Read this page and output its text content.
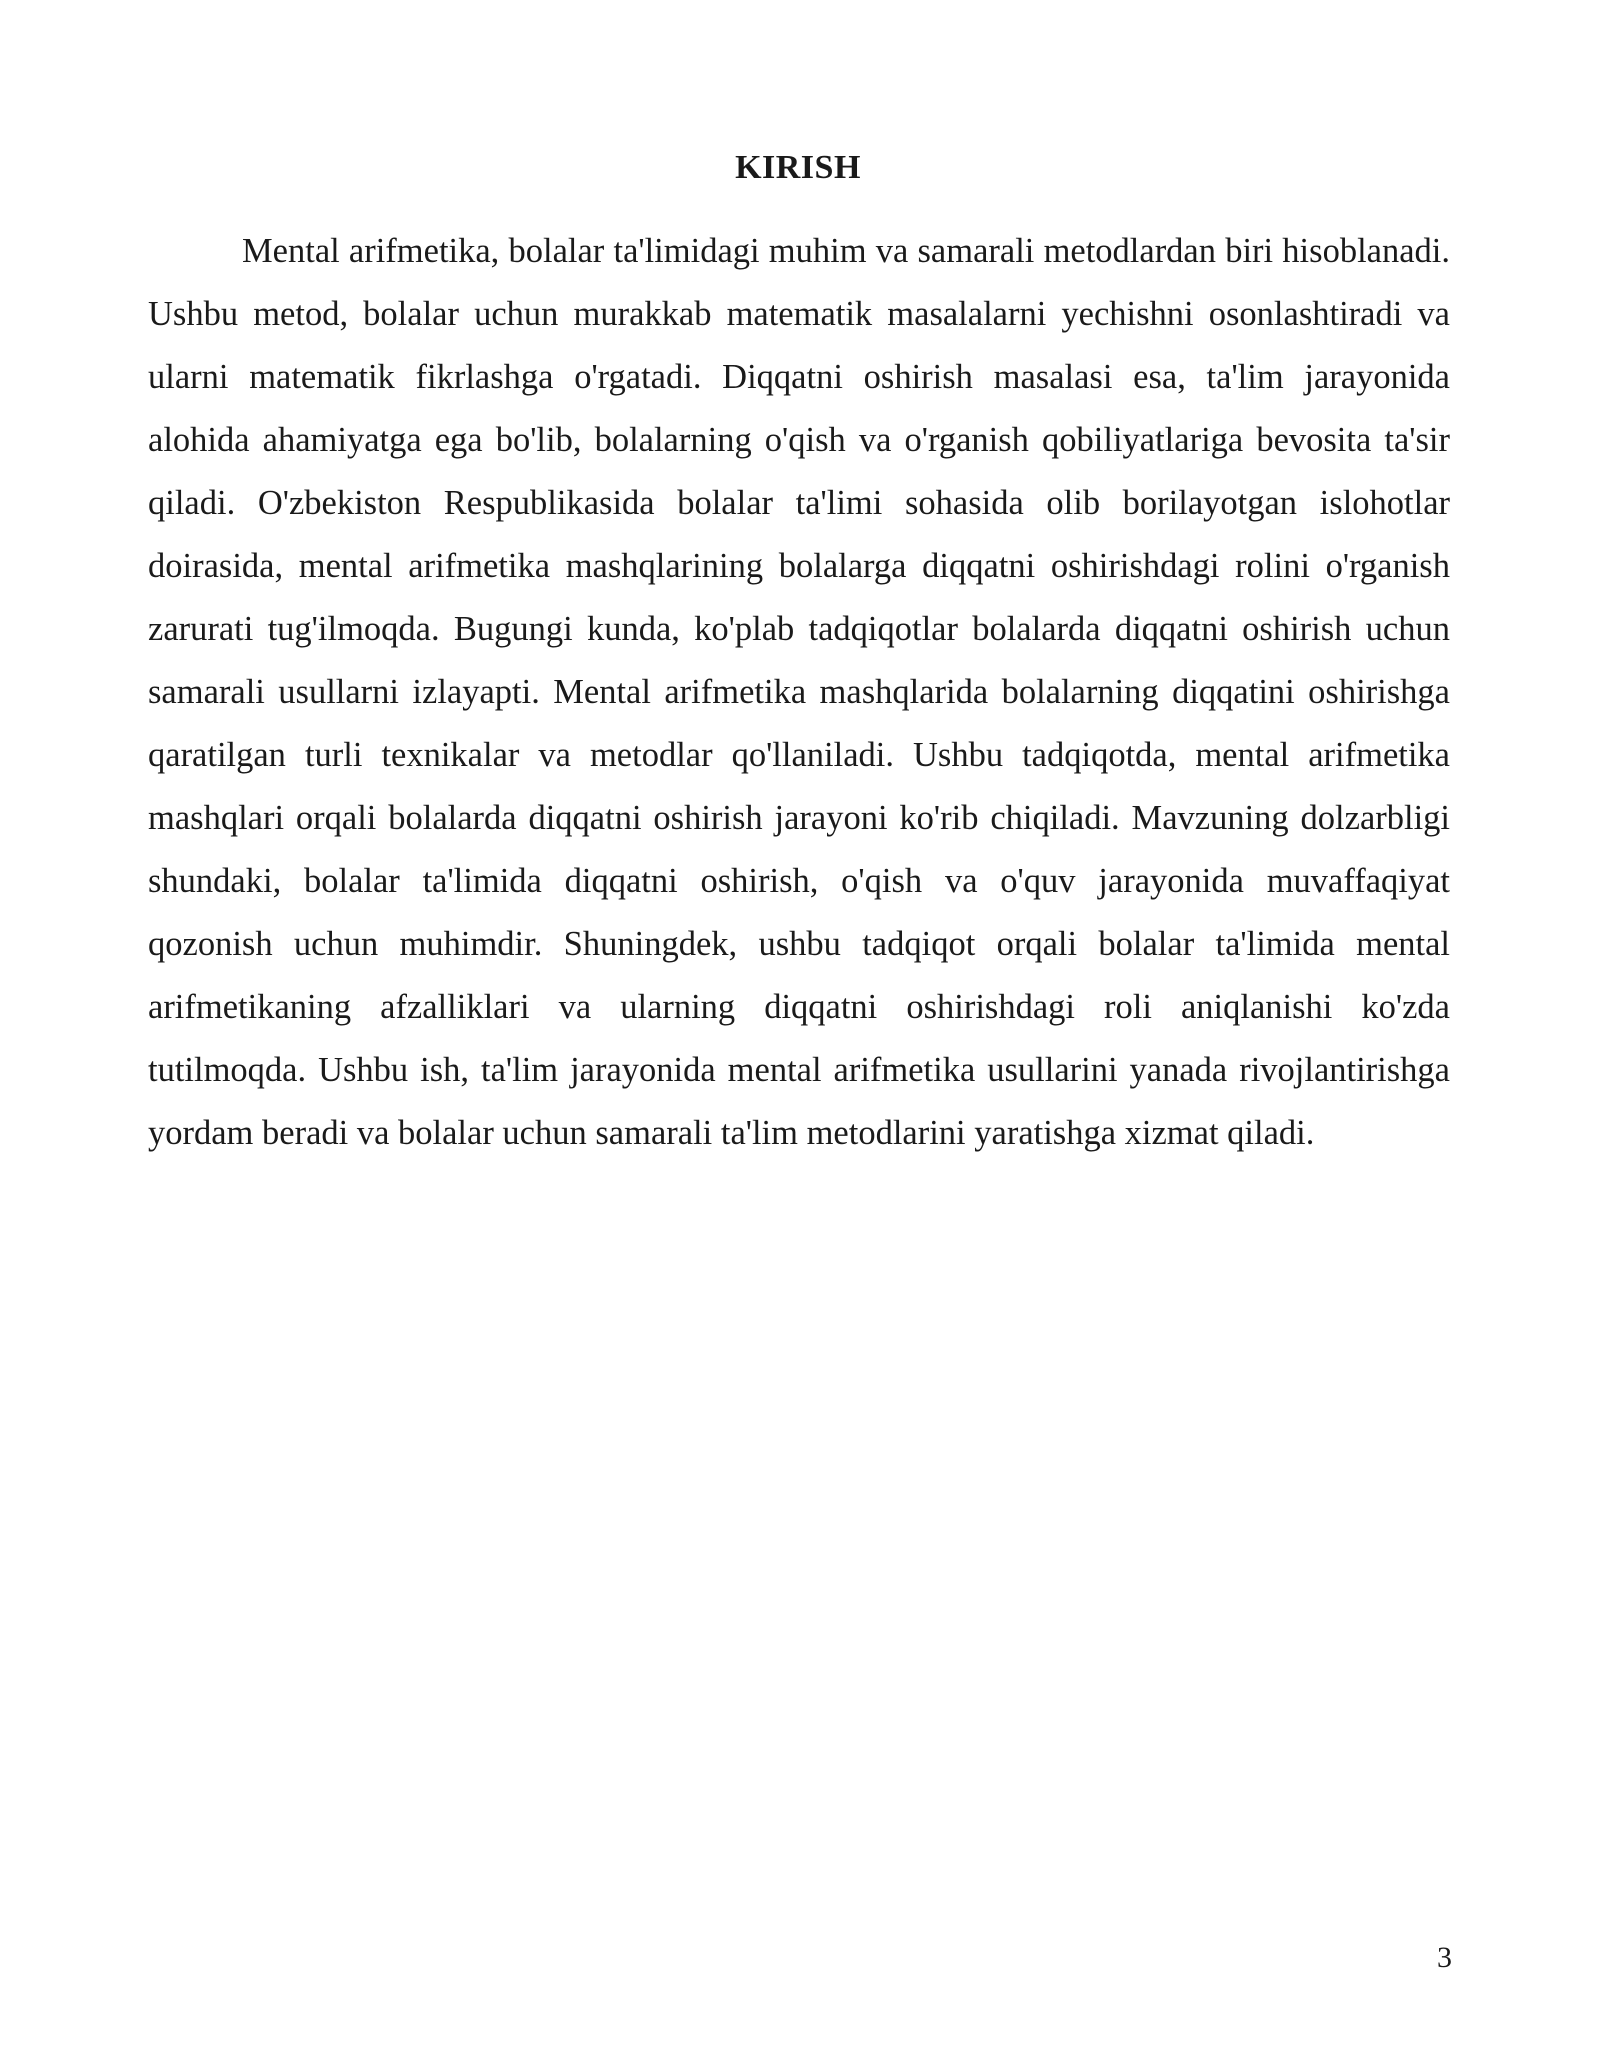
KIRISH

Mental arifmetika, bolalar ta'limidagi muhim va samarali metodlardan biri hisoblanadi. Ushbu metod, bolalar uchun murakkab matematik masalalarni yechishni osonlashtiradi va ularni matematik fikrlashga o'rgatadi. Diqqatni oshirish masalasi esa, ta'lim jarayonida alohida ahamiyatga ega bo'lib, bolalarning o'qish va o'rganish qobiliyatlariga bevosita ta'sir qiladi. O'zbekiston Respublikasida bolalar ta'limi sohasida olib borilayotgan islohotlar doirasida, mental arifmetika mashqlarining bolalarga diqqatni oshirishdagi rolini o'rganish zarurati tug'ilmoqda. Bugungi kunda, ko'plab tadqiqotlar bolalarda diqqatni oshirish uchun samarali usullarni izlayapti. Mental arifmetika mashqlarida bolalarning diqqatini oshirishga qaratilgan turli texnikalar va metodlar qo'llaniladi. Ushbu tadqiqotda, mental arifmetika mashqlari orqali bolalarda diqqatni oshirish jarayoni ko'rib chiqiladi. Mavzuning dolzarbligi shundaki, bolalar ta'limida diqqatni oshirish, o'qish va o'quv jarayonida muvaffaqiyat qozonish uchun muhimdir. Shuningdek, ushbu tadqiqot orqali bolalar ta'limida mental arifmetikaning afzalliklari va ularning diqqatni oshirishdagi roli aniqlanishi ko'zda tutilmoqda. Ushbu ish, ta'lim jarayonida mental arifmetika usullarini yanada rivojlantirishga yordam beradi va bolalar uchun samarali ta'lim metodlarini yaratishga xizmat qiladi.

3
